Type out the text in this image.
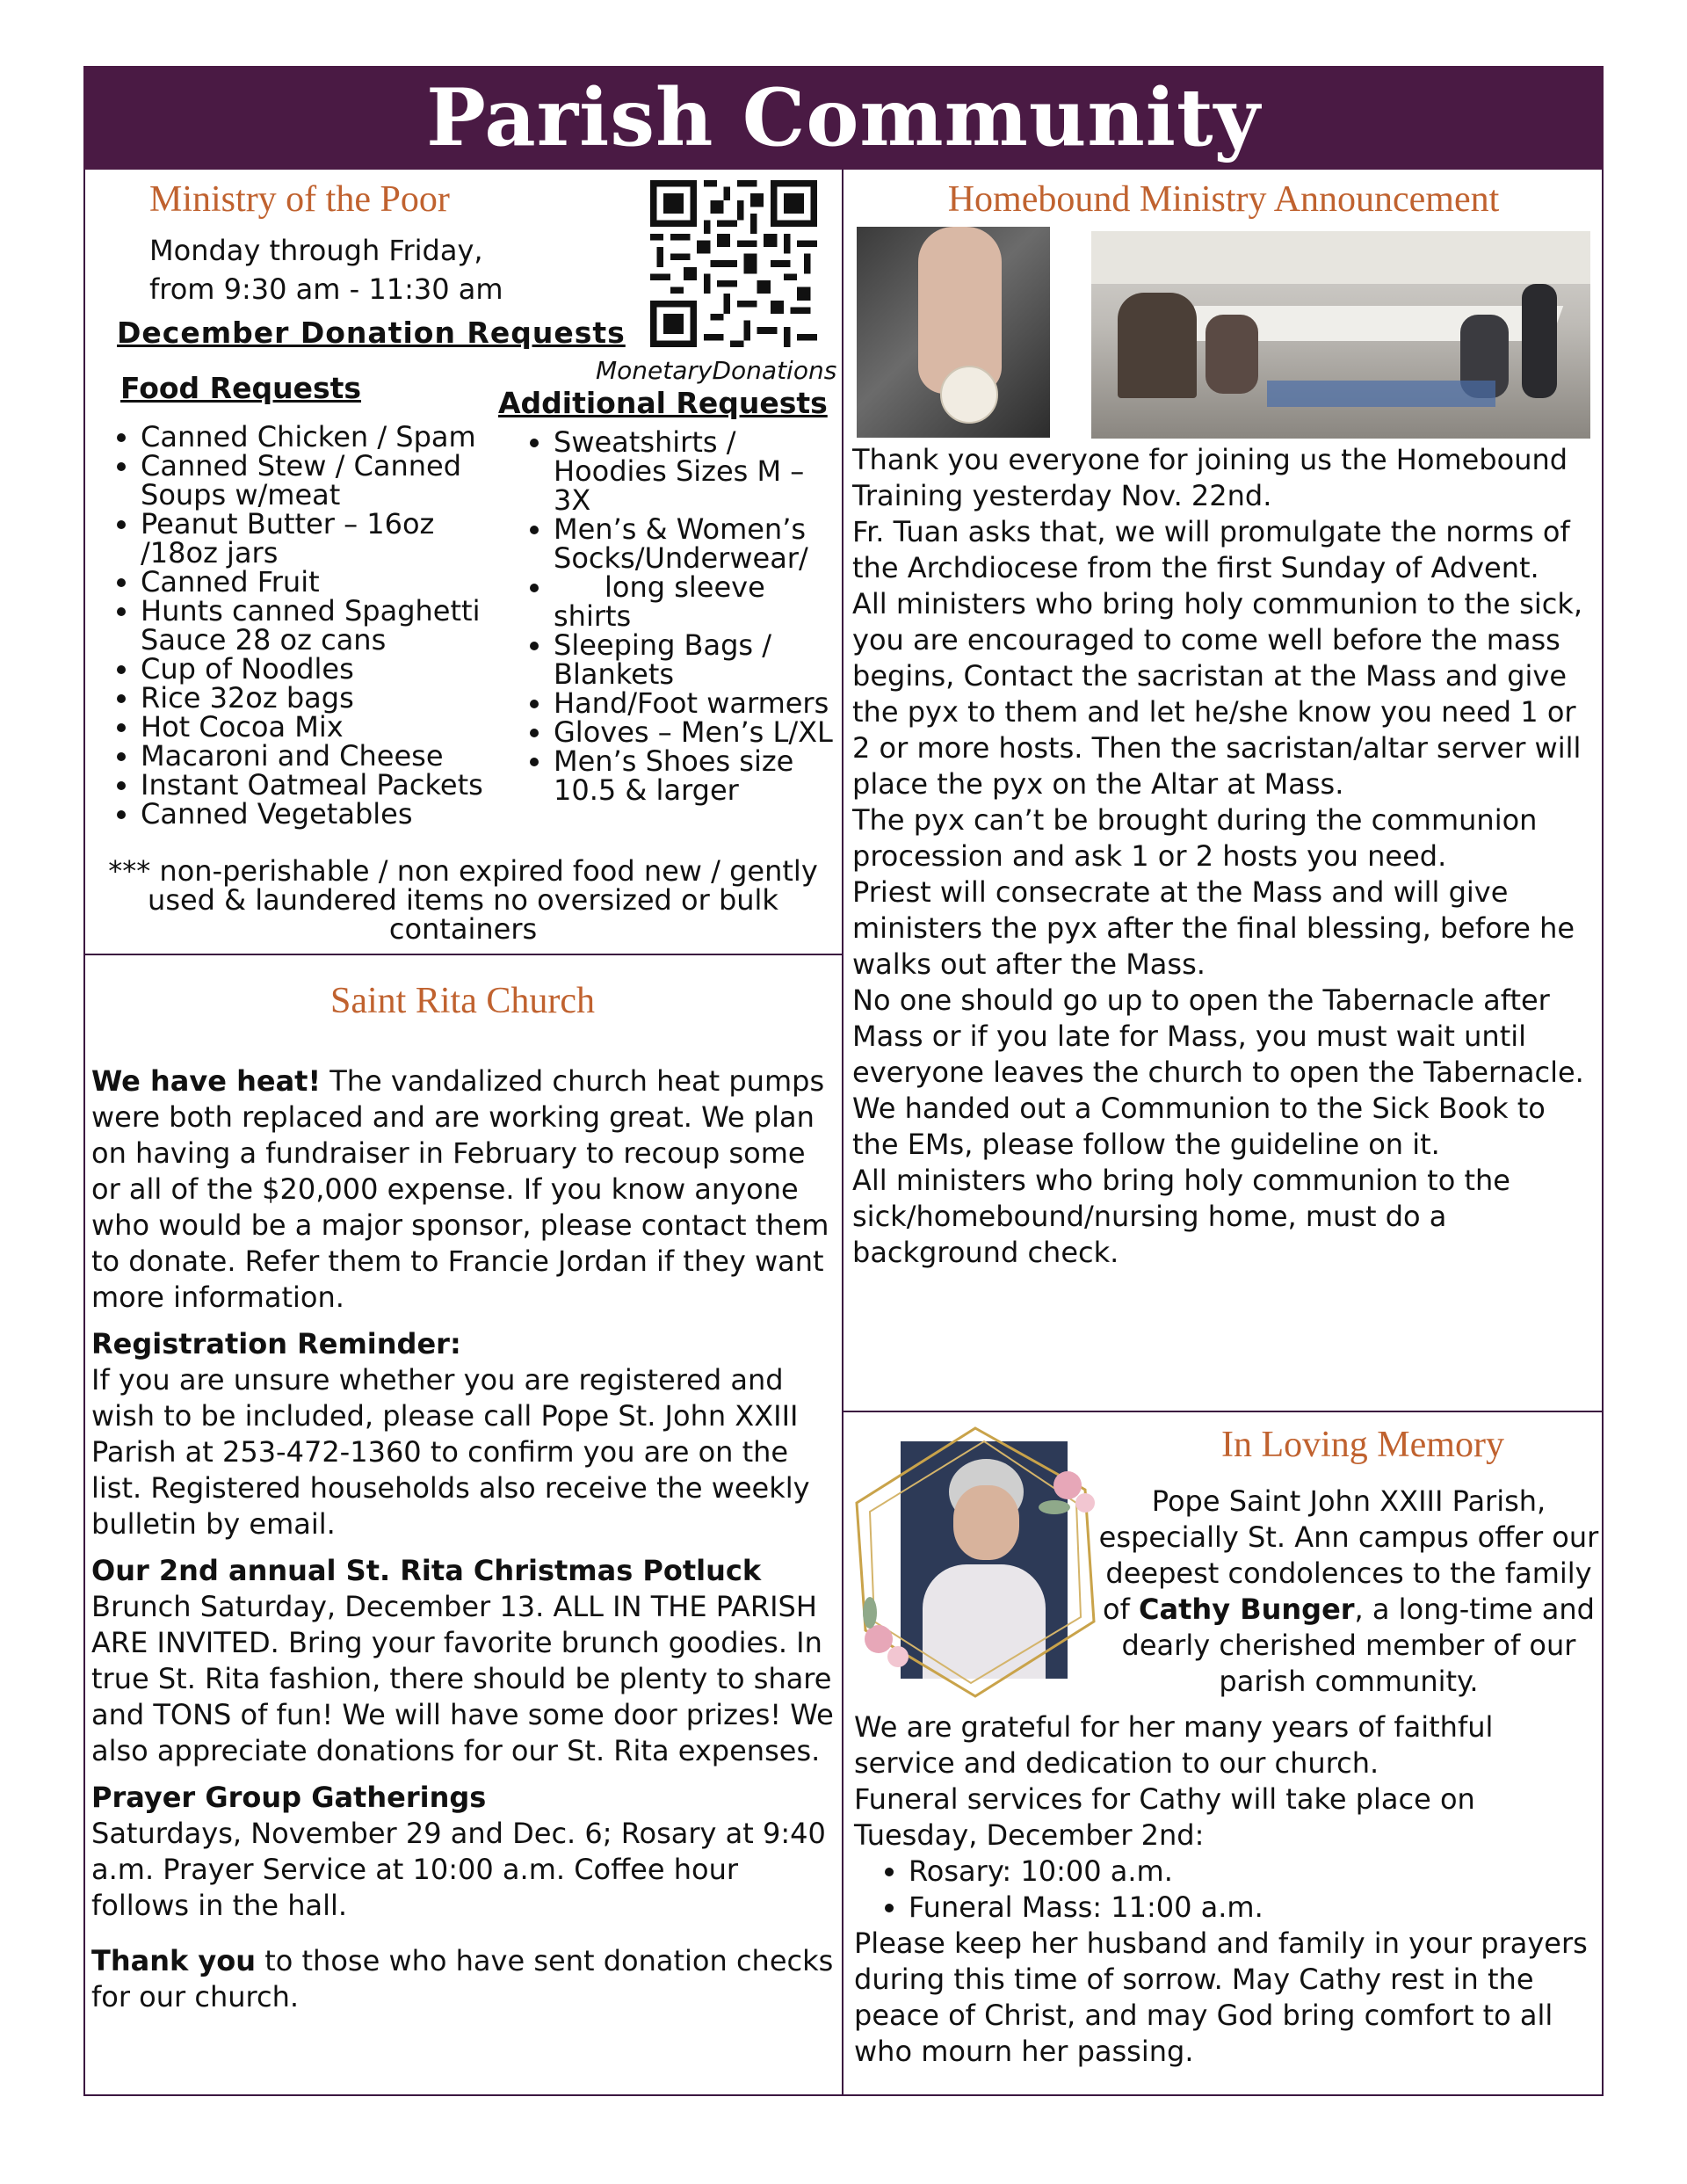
Parish Community
Ministry of the Poor
Monday through Friday,
from 9:30 am - 11:30 am
December Donation Requests
MonetaryDonations
Food Requests	Additional Requests
• Canned Chicken / Spam
• Canned Stew / Canned Soups w/meat
• Peanut Butter – 16oz /18oz jars
• Canned Fruit
• Hunts canned Spaghetti Sauce 28 oz cans
• Cup of Noodles
• Rice 32oz bags
• Hot Cocoa Mix
• Macaroni and Cheese
• Instant Oatmeal Packets
• Canned Vegetables
• Sweatshirts / Hoodies Sizes M – 3X
• Men’s & Women’s Socks/Underwear/
• long sleeve shirts
• Sleeping Bags / Blankets
• Hand/Foot warmers
• Gloves – Men’s L/XL
• Men’s Shoes size 10.5 & larger
*** non-perishable / non expired food new / gently used & laundered items no oversized or bulk containers
Saint Rita Church

We have heat! The vandalized church heat pumps were both replaced and are working great. We plan on having a fundraiser in February to recoup some or all of the $20,000 expense. If you know anyone who would be a major sponsor, please contact them to donate. Refer them to Francie Jordan if they want more information.

Registration Reminder:
If you are unsure whether you are registered and wish to be included, please call Pope St. John XXIII Parish at 253-472-1360 to confirm you are on the list. Registered households also receive the weekly bulletin by email.

Our 2nd annual St. Rita Christmas Potluck
Brunch Saturday, December 13. ALL IN THE PARISH ARE INVITED. Bring your favorite brunch goodies. In true St. Rita fashion, there should be plenty to share and TONS of fun! We will have some door prizes! We also appreciate donations for our St. Rita expenses.

Prayer Group Gatherings
Saturdays, November 29 and Dec. 6; Rosary at 9:40 a.m. Prayer Service at 10:00 a.m. Coffee hour follows in the hall.

Thank you to those who have sent donation checks for our church.

Homebound Ministry Announcement
Thank you everyone for joining us the Homebound Training yesterday Nov. 22nd.
Fr. Tuan asks that, we will promulgate the norms of the Archdiocese from the first Sunday of Advent.
All ministers who bring holy communion to the sick, you are encouraged to come well before the mass begins, Contact the sacristan at the Mass and give the pyx to them and let he/she know you need 1 or 2 or more hosts. Then the sacristan/altar server will place the pyx on the Altar at Mass.
The pyx can’t be brought during the communion procession and ask 1 or 2 hosts you need.
Priest will consecrate at the Mass and will give ministers the pyx after the final blessing, before he walks out after the Mass.
No one should go up to open the Tabernacle after Mass or if you late for Mass, you must wait until everyone leaves the church to open the Tabernacle.
We handed out a Communion to the Sick Book to the EMs, please follow the guideline on it.
All ministers who bring holy communion to the sick/homebound/nursing home, must do a background check.
In Loving Memory
Pope Saint John XXIII Parish, especially St. Ann campus offer our deepest condolences to the family of Cathy Bunger, a long-time and dearly cherished member of our parish community.

We are grateful for her many years of faithful service and dedication to our church.

Funeral services for Cathy will take place on Tuesday, December 2nd:

• Rosary: 10:00 a.m.
• Funeral Mass: 11:00 a.m.

Please keep her husband and family in your prayers during this time of sorrow. May Cathy rest in the peace of Christ, and may God bring comfort to all who mourn her passing.
